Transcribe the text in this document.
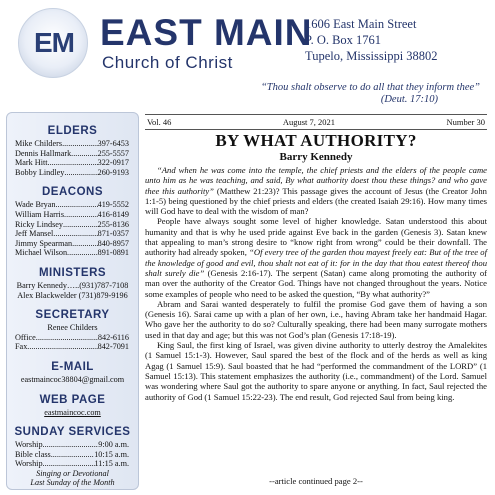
EM EAST MAIN
Church of Christ
1606 East Main Street
P. O. Box 1761
Tupelo, Mississippi 38802
“Thou shalt observe to do all that they inform thee”
(Deut. 17:10)
ELDERS
Mike Childers .....	397-6453
Dennis Hallmark .....	255-5557
Mark Hitt .....	322-0917
Bobby Lindley .....	260-9193
DEACONS
Wade Bryan .....	419-5552
William Harris .....	416-8149
Ricky Lindsey .....	255-8136
Jeff Mansel .....	871-0357
Jimmy Spearman .....	840-8957
Michael Wilson .....	891-0891
MINISTERS
Barry Kennedy…..(931)787-7108
Alex Blackwelder (731)879-9196
SECRETARY
Renee Childers
Office .....	842-6116
Fax .....	842-7091
E-MAIL
eastmaincoc38804@gmail.com
WEB PAGE
eastmaincoc.com
SUNDAY SERVICES
Worship .....	9:00 a.m.
Bible class .....	10:15 a.m.
Worship .....	11:15 a.m.
Singing or Devotional
Last Sunday of the Month
Vol. 46	August 7, 2021	Number 30
BY WHAT AUTHORITY?
Barry Kennedy

“And when he was come into the temple, the chief priests and the elders of the people came unto him as he was teaching, and said, By what authority doest thou these things? and who gave thee this authority” (Matthew 21:23)? This passage gives the account of Jesus (the Creator John 1:1-5) being questioned by the chief priests and elders (the created Isaiah 29:16). How many times will God have to deal with the wisdom of man?

People have always sought some level of higher knowledge. Satan understood this about humanity and that is why he used pride against Eve back in the garden (Genesis 3). Satan knew that appealing to man’s strong desire to “know right from wrong” could be their downfall. The authority had already spoken, “Of every tree of the garden thou mayest freely eat: But of the tree of the knowledge of good and evil, thou shalt not eat of it: for in the day that thou eatest thereof thou shalt surely die” (Genesis 2:16-17). The serpent (Satan) came along promoting the authority of man over the authority of the Creator God. Things have not changed throughout the years. Notice some examples of people who need to be asked the question, “By what authority?”

Abram and Sarai wanted desperately to fulfil the promise God gave them of having a son (Genesis 16). Sarai came up with a plan of her own, i.e., having Abram take her handmaid Hagar. Who gave her the authority to do so? Culturally speaking, there had been many surrogate mothers used in that day and age; but this was not God’s plan (Genesis 17:18-19).

King Saul, the first king of Israel, was given divine authority to utterly destroy the Amalekites (1 Samuel 15:1-3). However, Saul spared the best of the flock and of the herds as well as king Agag (1 Samuel 15:9). Saul boasted that he had “performed the commandment of the LORD” (1 Samuel 15:13). This statement emphasizes the authority (i.e., commandment) of the Lord. Samuel was wondering where Saul got the authority to spare anyone or anything. In fact, Saul rejected the authority of God (1 Samuel 15:22-23). The end result, God rejected Saul from being king.

--article continued page 2--
